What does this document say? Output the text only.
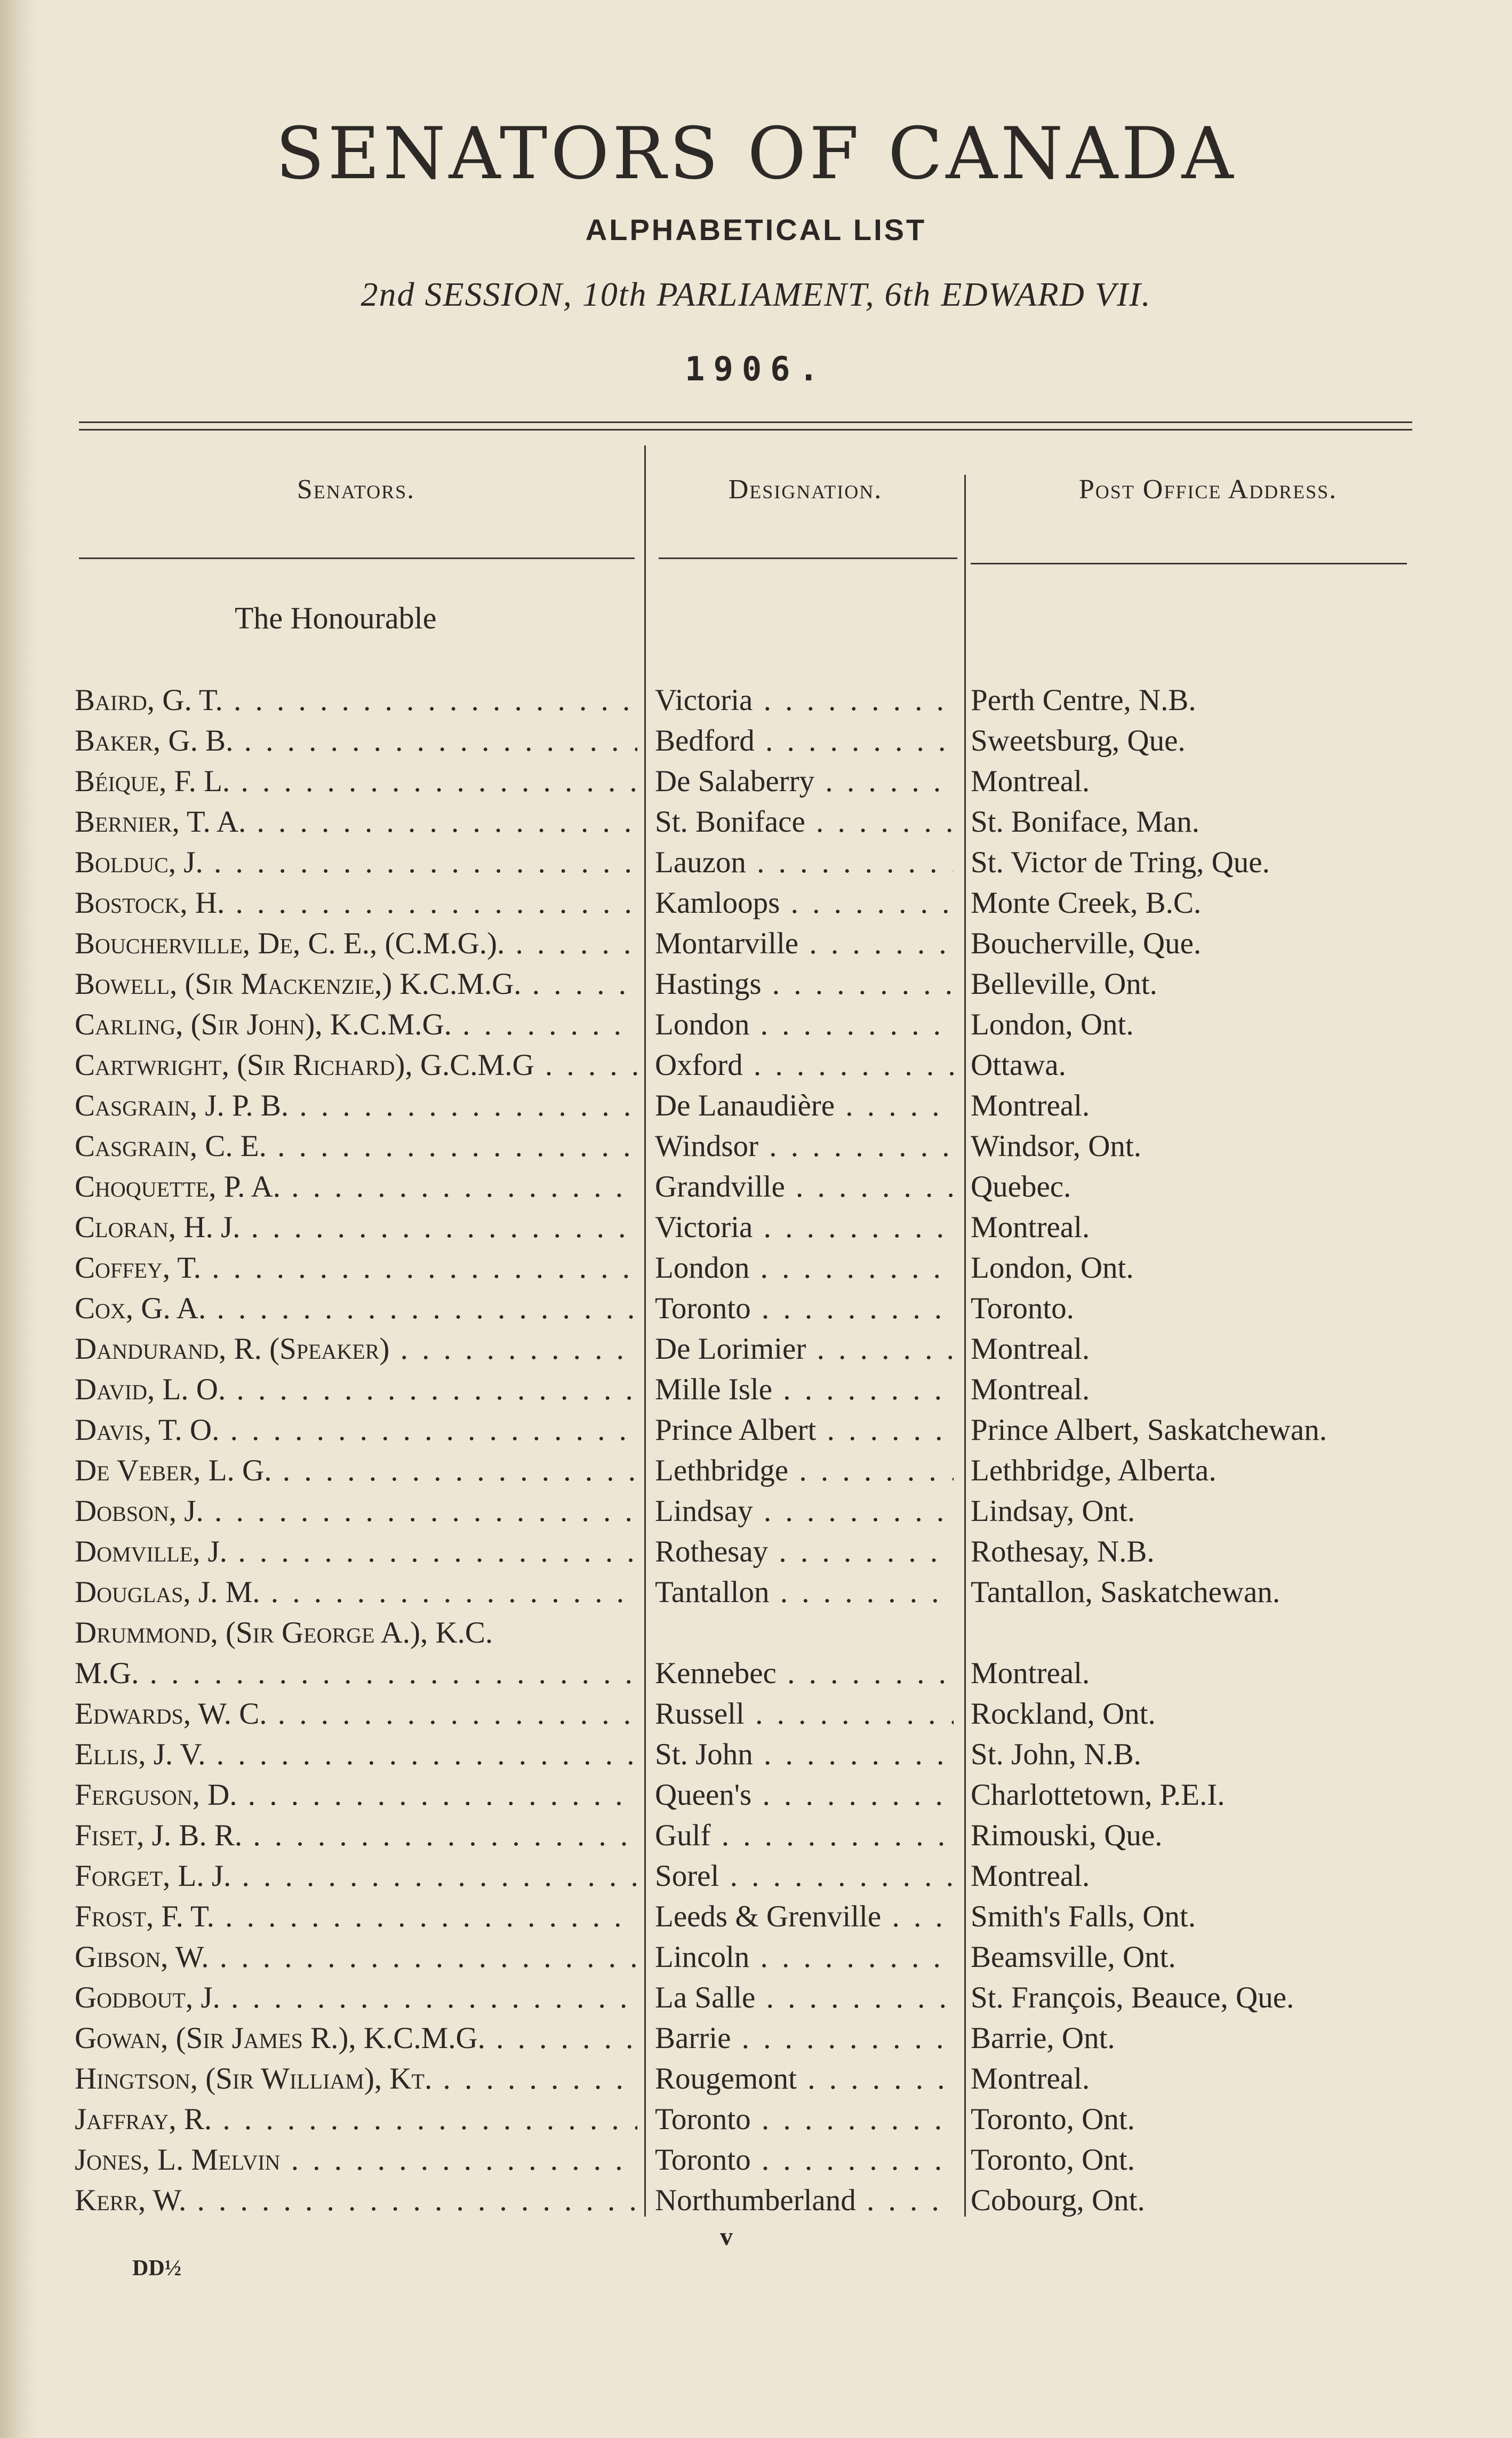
SENATORS OF CANADA
ALPHABETICAL LIST
2nd SESSION, 10th PARLIAMENT, 6th EDWARD VII.
1906.
Senators.	Designation.	Post Office Address.
The Honourable
Baird, G. T. . . .	Victoria . . .	Perth Centre, N.B.
Baker, G. B. . . .	Bedford . . .	Sweetsburg, Que.
Béique, F. L. . . .	De Salaberry . . .	Montreal.
Bernier, T. A. . . .	St. Boniface . . .	St. Boniface, Man.
Bolduc, J. . . .	Lauzon . . .	St. Victor de Tring, Que.
Bostock, H. . . .	Kamloops . . .	Monte Creek, B.C.
Boucherville, De, C. E., (C.M.G.). . . .	Montarville . . .	Boucherville, Que.
Bowell, (Sir Mackenzie,) K.C.M.G. . . .	Hastings . . .	Belleville, Ont.
Carling, (Sir John), K.C.M.G. . . .	London . . .	London, Ont.
Cartwright, (Sir Richard), G.C.M.G . . .	Oxford . . .	Ottawa.
Casgrain, J. P. B. . . .	De Lanaudière . . .	Montreal.
Casgrain, C. E. . . .	Windsor . . .	Windsor, Ont.
Choquette, P. A. . . .	Grandville . . .	Quebec.
Cloran, H. J. . . .	Victoria . . .	Montreal.
Coffey, T. . . .	London . . .	London, Ont.
Cox, G. A. . . .	Toronto . . .	Toronto.
Dandurand, R. (Speaker) . . .	De Lorimier . . .	Montreal.
David, L. O. . . .	Mille Isle . . .	Montreal.
Davis, T. O. . . .	Prince Albert . . .	Prince Albert, Saskatchewan.
De Veber, L. G. . . .	Lethbridge . . .	Lethbridge, Alberta.
Dobson, J. . . .	Lindsay . . .	Lindsay, Ont.
Domville, J. . . .	Rothesay . . .	Rothesay, N.B.
Douglas, J. M. . . .	Tantallon . . .	Tantallon, Saskatchewan.
Drummond, (Sir George A.), K.C.
M.G. . . .	Kennebec . . .	Montreal.
Edwards, W. C. . . .	Russell . . .	Rockland, Ont.
Ellis, J. V. . . .	St. John . . .	St. John, N.B.
Ferguson, D. . . .	Queen's . . .	Charlottetown, P.E.I.
Fiset, J. B. R. . . .	Gulf . . .	Rimouski, Que.
Forget, L. J. . . .	Sorel . . .	Montreal.
Frost, F. T. . . .	Leeds & Grenville . . .	Smith's Falls, Ont.
Gibson, W. . . .	Lincoln . . .	Beamsville, Ont.
Godbout, J. . . .	La Salle . . .	St. François, Beauce, Que.
Gowan, (Sir James R.), K.C.M.G. . . .	Barrie . . .	Barrie, Ont.
Hingtson, (Sir William), Kt. . . .	Rougemont . . .	Montreal.
Jaffray, R. . . .	Toronto . . .	Toronto, Ont.
Jones, L. Melvin . . .	Toronto . . .	Toronto, Ont.
Kerr, W. . . .	Northumberland . . .	Cobourg, Ont.
v
DD½
